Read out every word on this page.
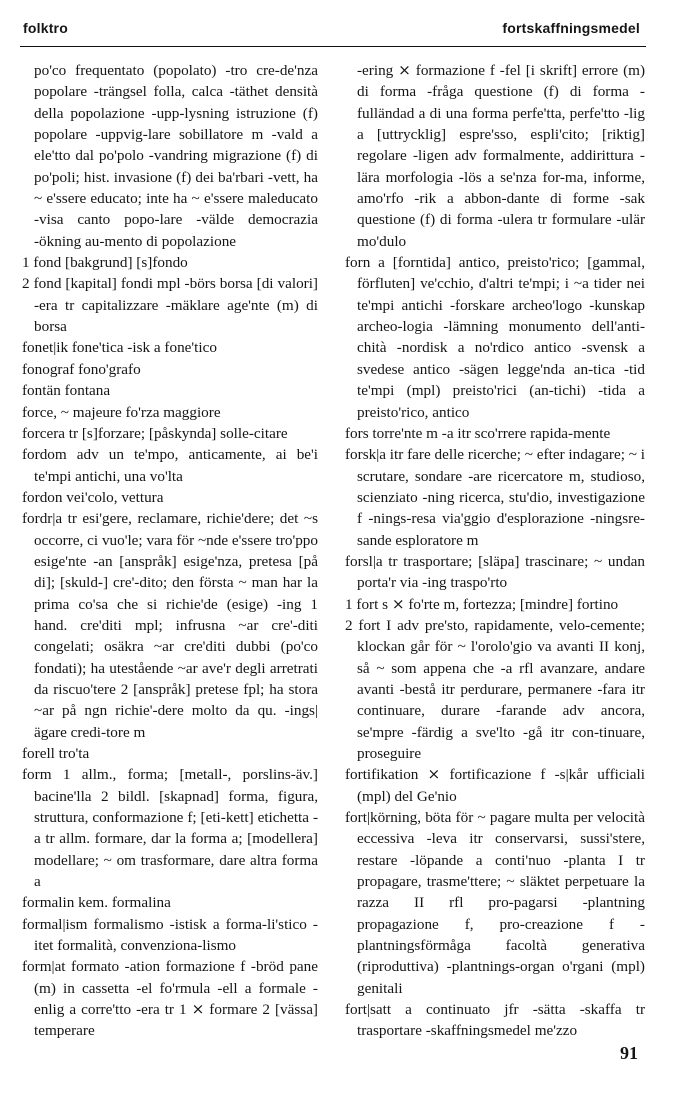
folktro	fortskaffningsmedel
po'co frequentato (popolato) -tro cre-de'nza popolare -trängsel folla, calca -täthet densità della popolazione -upp-lysning istruzione (f) popolare -uppvig-lare sobillatore m -vald a ele'tto dal po'polo -vandring migrazione (f) di po'poli; hist. invasione (f) dei ba'rbari -vett, ha ~ e'ssere educato; inte ha ~ e'ssere maleducato -visa canto popo-lare -välde democrazia -ökning au-mento di popolazione
1 fond [bakgrund] [s]fondo
2 fond [kapital] fondi mpl -börs borsa [di valori] -era tr capitalizzare -mäklare age'nte (m) di borsa
fonet|ik fone'tica -isk a fone'tico
fonograf fono'grafo
fontän fontana
force, ~ majeure fo'rza maggiore
forcera tr [s]forzare; [påskynda] solle-citare
fordom adv un te'mpo, anticamente, ai be'i te'mpi antichi, una vo'lta
fordon vei'colo, vettura
fordr|a tr esi'gere, reclamare, richie'dere; det ~s occorre, ci vuo'le; vara för ~nde e'ssere tro'ppo esige'nte -an [anspråk] esige'nza, pretesa [på di]; [skuld-] cre'-dito; den första ~ man har la prima co'sa che si richie'de (esige) -ing 1 hand. cre'diti mpl; infrusna ~ar cre'-diti congelati; osäkra ~ar cre'diti dubbi (po'co fondati); ha utestående ~ar ave'r degli arretrati da riscuo'tere 2 [anspråk] pretese fpl; ha stora ~ar på ngn richie'-dere molto da qu. -ings|ägare credi-tore m
forell tro'ta
form 1 allm., forma; [metall-, porslins-äv.] bacine'lla 2 bildl. [skapnad] forma, figura, struttura, conformazione f; [eti-kett] etichetta -a tr allm. formare, dar la forma a; [modellera] modellare; ~ om trasformare, dare altra forma a
formalin kem. formalina
formal|ism formalismo -istisk a forma-li'stico -itet formalità, convenziona-lismo
form|at formato -ation formazione f -bröd pane (m) in cassetta -el fo'rmula -ell a formale -enlig a corre'tto -era tr 1 ⨯ formare 2 [vässa] temperare
-ering ⨯ formazione f -fel [i skrift] errore (m) di forma -fråga questione (f) di forma -fulländad a di una forma perfe'tta, perfe'tto -lig a [uttrycklig] espre'sso, espli'cito; [riktig] regolare -ligen adv formalmente, addirittura -lära morfologia -lös a se'nza for-ma, informe, amo'rfo -rik a abbon-dante di forme -sak questione (f) di forma -ulera tr formulare -ulär mo'dulo
forn a [forntida] antico, preisto'rico; [gammal, förfluten] ve'cchio, d'altri te'mpi; i ~a tider nei te'mpi antichi -forskare archeo'logo -kunskap archeo-logia -lämning monumento dell'anti-chità -nordisk a no'rdico antico -svensk a svedese antico -sägen legge'nda an-tica -tid te'mpi (mpl) preisto'rici (an-tichi) -tida a preisto'rico, antico
fors torre'nte m -a itr sco'rrere rapida-mente
forsk|a itr fare delle ricerche; ~ efter indagare; ~ i scrutare, sondare -are ricercatore m, studioso, scienziato -ning ricerca, stu'dio, investigazione f -nings-resa via'ggio d'esplorazione -ningsre-sande esploratore m
forsl|a tr trasportare; [släpa] trascinare; ~ undan porta'r via -ing traspo'rto
1 fort s ⨯ fo'rte m, fortezza; [mindre] fortino
2 fort I adv pre'sto, rapidamente, velo-cemente; klockan går för ~ l'orolo'gio va avanti II konj, så ~ som appena che -a rfl avanzare, andare avanti -bestå itr perdurare, permanere -fara itr continuare, durare -farande adv ancora, se'mpre -färdig a sve'lto -gå itr con-tinuare, proseguire
fortifikation ⨯ fortificazione f -s|kår ufficiali (mpl) del Ge'nio
fort|körning, böta för ~ pagare multa per velocità eccessiva -leva itr conservarsi, sussi'stere, restare -löpande a conti'nuo -planta I tr propagare, trasme'ttere; ~ släktet perpetuare la razza II rfl pro-pagarsi -plantning propagazione f, pro-creazione f -plantningsförmåga facoltà generativa (riproduttiva) -plantnings-organ o'rgani (mpl) genitali
fort|satt a continuato jfr -sätta -skaffa tr trasportare -skaffningsmedel me'zzo
91
